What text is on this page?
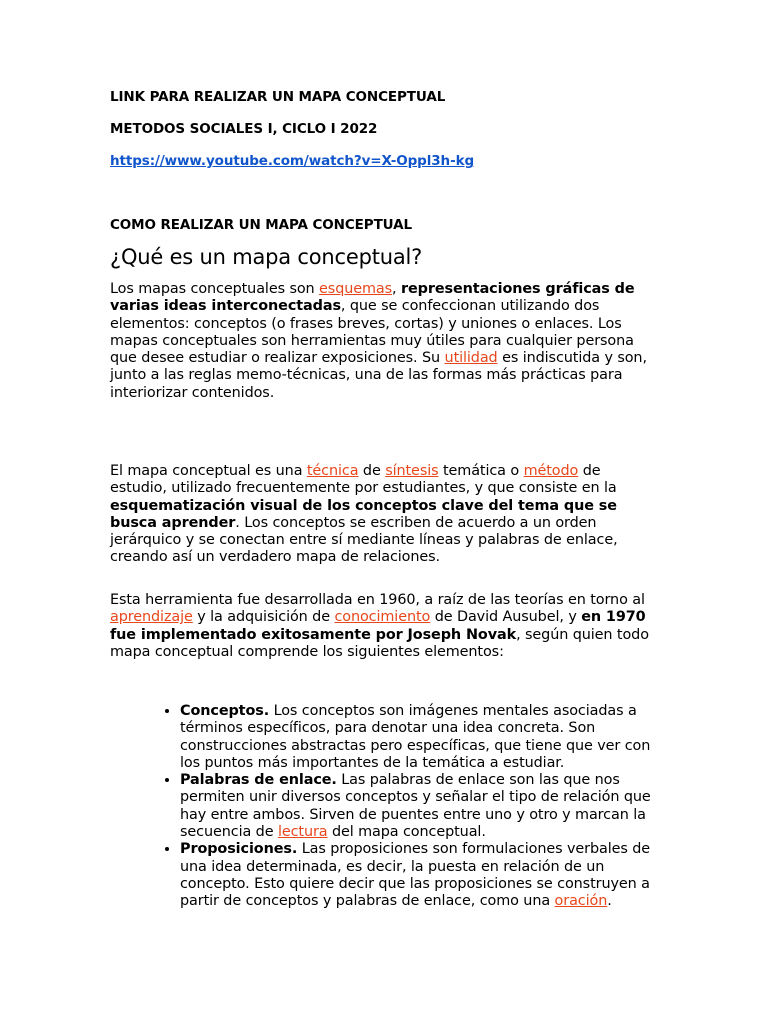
LINK PARA REALIZAR UN MAPA CONCEPTUAL
METODOS SOCIALES I, CICLO I 2022
https://www.youtube.com/watch?v=X-Oppl3h-kg
COMO REALIZAR UN MAPA CONCEPTUAL
¿Qué es un mapa conceptual?
Los mapas conceptuales son esquemas, representaciones gráficas de varias ideas interconectadas, que se confeccionan utilizando dos elementos: conceptos (o frases breves, cortas) y uniones o enlaces. Los mapas conceptuales son herramientas muy útiles para cualquier persona que desee estudiar o realizar exposiciones. Su utilidad es indiscutida y son, junto a las reglas memo-técnicas, una de las formas más prácticas para interiorizar contenidos.
El mapa conceptual es una técnica de síntesis temática o método de estudio, utilizado frecuentemente por estudiantes, y que consiste en la esquematización visual de los conceptos clave del tema que se busca aprender. Los conceptos se escriben de acuerdo a un orden jerárquico y se conectan entre sí mediante líneas y palabras de enlace, creando así un verdadero mapa de relaciones.
Esta herramienta fue desarrollada en 1960, a raíz de las teorías en torno al aprendizaje y la adquisición de conocimiento de David Ausubel, y en 1970 fue implementado exitosamente por Joseph Novak, según quien todo mapa conceptual comprende los siguientes elementos:
• Conceptos. Los conceptos son imágenes mentales asociadas a términos específicos, para denotar una idea concreta. Son construcciones abstractas pero específicas, que tiene que ver con los puntos más importantes de la temática a estudiar.
• Palabras de enlace. Las palabras de enlace son las que nos permiten unir diversos conceptos y señalar el tipo de relación que hay entre ambos. Sirven de puentes entre uno y otro y marcan la secuencia de lectura del mapa conceptual.
• Proposiciones. Las proposiciones son formulaciones verbales de una idea determinada, es decir, la puesta en relación de un concepto. Esto quiere decir que las proposiciones se construyen a partir de conceptos y palabras de enlace, como una oración.
